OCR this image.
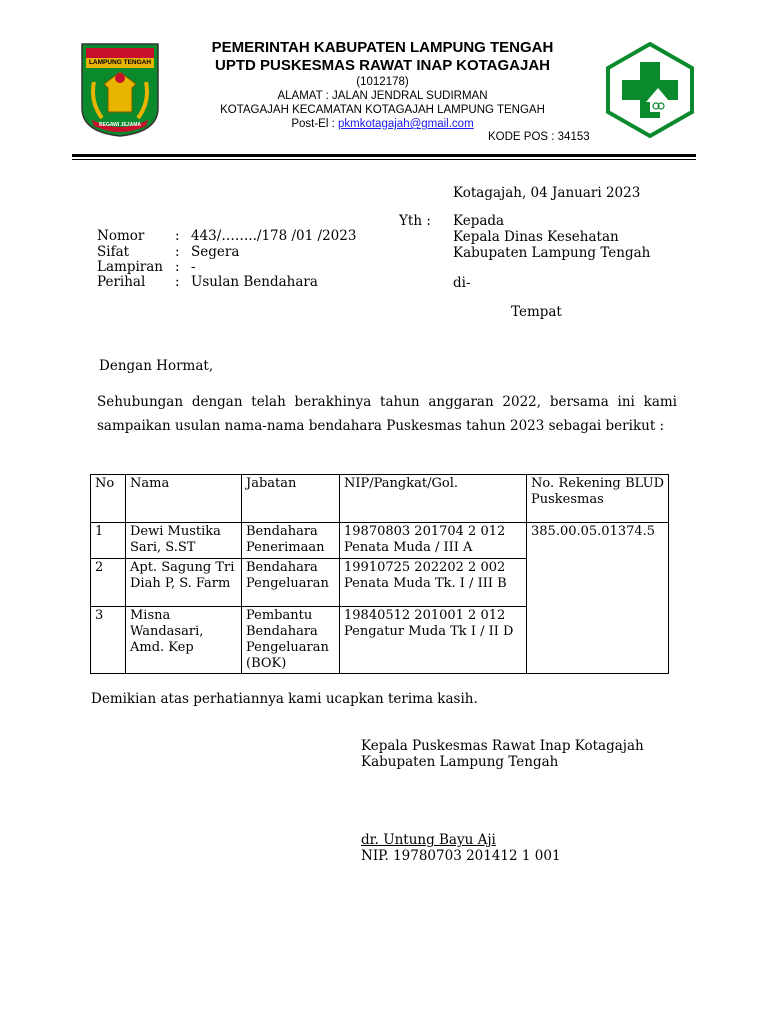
LAMPUNG TENGAH
BEGAWI JEJAMA
PEMERINTAH KABUPATEN LAMPUNG TENGAH
UPTD PUSKESMAS RAWAT INAP KOTAGAJAH
(1012178)
ALAMAT : JALAN JENDRAL SUDIRMAN
KOTAGAJAH KECAMATAN KOTAGAJAH LAMPUNG TENGAH
Post-El : pkmkotagajah@gmail.com
KODE POS : 34153
Kotagajah, 04 Januari 2023
Yth : Kepada
Kepala Dinas Kesehatan
Kabupaten Lampung Tengah
di-
Tempat
Nomor : 443/……../178 /01 /2023
Sifat	: Segera
Lampiran : -
Perihal : Usulan Bendahara
Dengan Hormat,
Sehubungan dengan telah berakhinya tahun anggaran 2022, bersama ini kami sampaikan usulan nama-nama bendahara Puskesmas tahun 2023 sebagai berikut :
No	Nama	Jabatan	NIP/Pangkat/Gol.	No. Rekening BLUD Puskesmas
1	Dewi Mustika Sari, S.ST	Bendahara Penerimaan	19870803 201704 2 012
Penata Muda / III A	385.00.05.01374.5
2	Apt. Sagung Tri Diah P, S. Farm	Bendahara Pengeluaran	19910725 202202 2 002
Penata Muda Tk. I / III B	

3	Misna Wandasari, Amd. Kep	Pembantu Bendahara Pengeluaran (BOK)	19840512 201001 2 012
Pengatur Muda Tk I / II D	
Demikian atas perhatiannya kami ucapkan terima kasih.
Kepala Puskesmas Rawat Inap Kotagajah
Kabupaten Lampung Tengah
dr. Untung Bayu Aji
NIP. 19780703 201412 1 001
